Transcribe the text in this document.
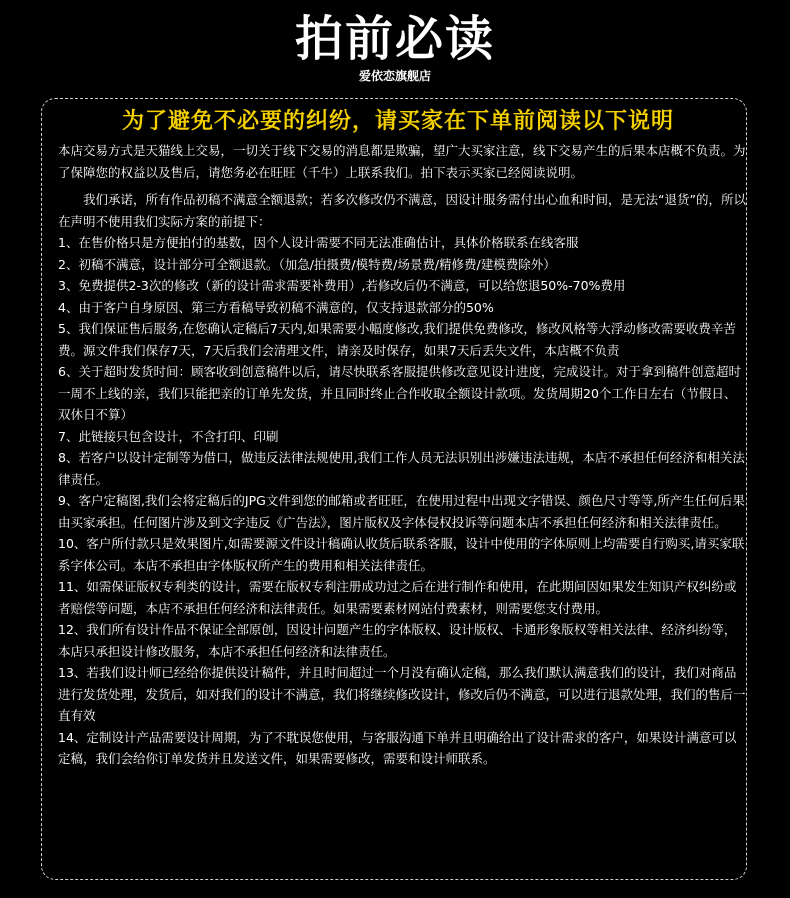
拍前必读
爱依恋旗舰店
为了避免不必要的纠纷，请买家在下单前阅读以下说明

本店交易方式是天猫线上交易，一切关于线下交易的消息都是欺骗，望广大买家注意，线下交易产生的后果本店概不负责。为了保障您的权益以及售后，请您务必在旺旺（千牛）上联系我们。拍下表示买家已经阅读说明。

我们承诺，所有作品初稿不满意全额退款；若多次修改仍不满意，因设计服务需付出心血和时间，是无法“退货”的，所以在声明不使用我们实际方案的前提下：

1、在售价格只是方便拍付的基数，因个人设计需要不同无法准确估计，具体价格联系在线客服

2、初稿不满意，设计部分可全额退款。（加急/拍摄费/模特费/场景费/精修费/建模费除外）

3、免费提供2-3次的修改（新的设计需求需要补费用）,若修改后仍不满意，可以给您退50%-70%费用

4、由于客户自身原因、第三方看稿导致初稿不满意的，仅支持退款部分的50%

5、我们保证售后服务,在您确认定稿后7天内,如果需要小幅度修改,我们提供免费修改，修改风格等大浮动修改需要收费辛苦费。源文件我们保存7天，7天后我们会清理文件，请亲及时保存，如果7天后丢失文件，本店概不负责

6、关于超时发货时间：顾客收到创意稿件以后，请尽快联系客服提供修改意见设计进度，完成设计。对于拿到稿件创意超时一周不上线的亲，我们只能把亲的订单先发货，并且同时终止合作收取全额设计款项。发货周期20个工作日左右（节假日、双休日不算）

7、此链接只包含设计，不含打印、印刷

8、若客户以设计定制等为借口，做违反法律法规使用,我们工作人员无法识别出涉嫌违法违规，本店不承担任何经济和相关法律责任。

9、客户定稿图,我们会将定稿后的JPG文件到您的邮箱或者旺旺，在使用过程中出现文字错误、颜色尺寸等等,所产生任何后果由买家承担。任何图片涉及到文字违反《广告法》，图片版权及字体侵权投诉等问题本店不承担任何经济和相关法律责任。

10、客户所付款只是效果图片,如需要源文件设计稿确认收货后联系客服，设计中使用的字体原则上均需要自行购买,请买家联系字体公司。本店不承担由字体版权所产生的费用和相关法律责任。

11、如需保证版权专利类的设计，需要在版权专利注册成功过之后在进行制作和使用，在此期间因如果发生知识产权纠纷或者赔偿等问题，本店不承担任何经济和法律责任。如果需要素材网站付费素材，则需要您支付费用。

12、我们所有设计作品不保证全部原创，因设计问题产生的字体版权、设计版权、卡通形象版权等相关法律、经济纠纷等，本店只承担设计修改服务，本店不承担任何经济和法律责任。

13、若我们设计师已经给你提供设计稿件，并且时间超过一个月没有确认定稿，那么我们默认满意我们的设计，我们对商品进行发货处理，发货后，如对我们的设计不满意，我们将继续修改设计，修改后仍不满意，可以进行退款处理，我们的售后一直有效

14、定制设计产品需要设计周期，为了不耽误您使用，与客服沟通下单并且明确给出了设计需求的客户，如果设计满意可以定稿，我们会给你订单发货并且发送文件，如果需要修改，需要和设计师联系。
